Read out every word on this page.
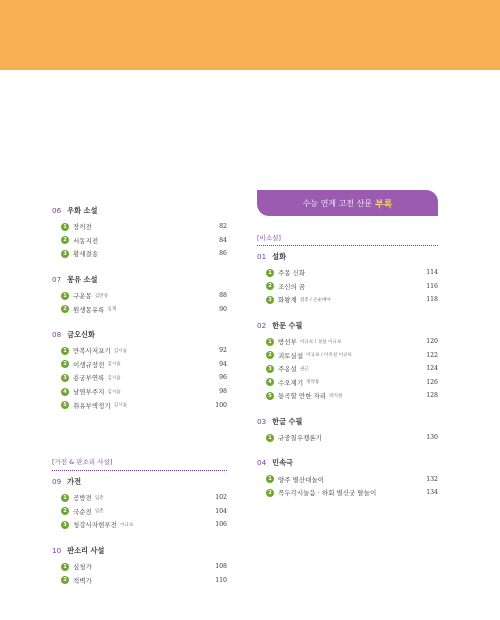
06 우화 소설
1 장끼전	82
2 서동지전	84
3 황새결송	86
07 몽유 소설
1 구운몽 김만중	88
2 원생몽유록 임제	90
08 금오신화
1 만복사저포기 김시습	92
2 이생규장전 김시습	94
3 용궁부연록 김시습	96
4 남염부주지 김시습	98
5 취유부벽정기 김시습	100
[가전 & 판소리 사설]
09 가전
1 공방전 임춘	102
2 국순전 임춘	104
3 청강사자현부전 이규보	106
10 판소리 사설
1 심청가	108
2 적벽가	110
수능 연계 고전 산문 부록
[비소설]
01 설화
1 주몽 신화	114
2 조신의 꿈	116
3 화왕계 설총 / 손순매아	118
02 한문 수필
1 방선부 이규보 / 경설 이규보	120
2 괴토실설 이규보 / 이옥설 이규보	122
3 주옹설 권근	124
4 수오재기 정약용	126
5 통곡할 만한 자리 박지원	128
03 한글 수필
1 규중칠우쟁론기	130
04 민속극
1 양주 별산대놀이	132
2 꼭두각시놀음 · 하회 별신굿 탈놀이	134
